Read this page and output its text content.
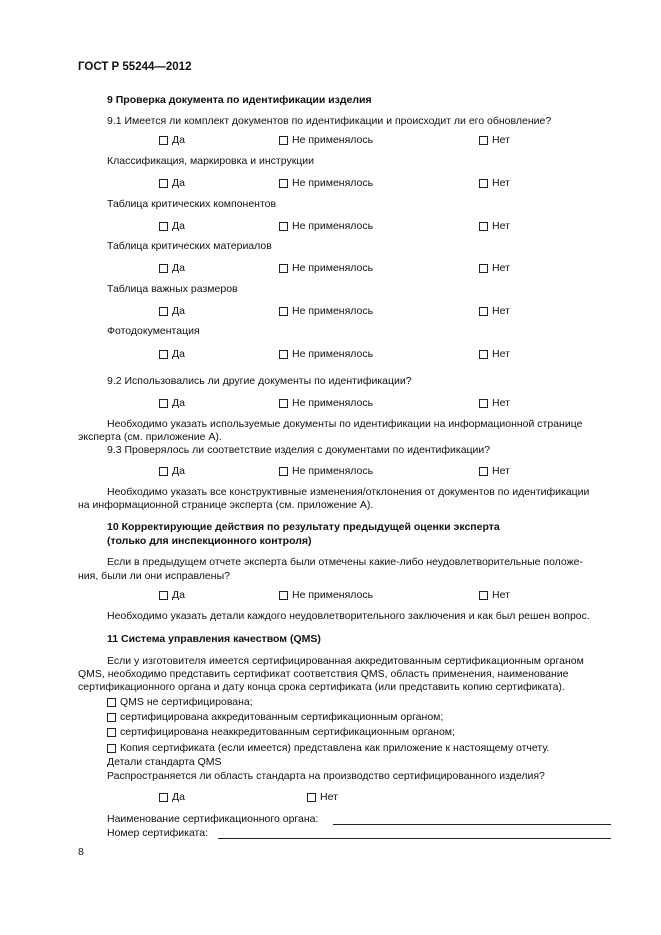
ГОСТ Р 55244—2012
9 Проверка документа по идентификации изделия
9.1 Имеется ли комплект документов по идентификации и происходит ли его обновление?
Да	Не применялось	Нет
Классификация, маркировка и инструкции
Да	Не применялось	Нет
Таблица критических компонентов
Да	Не применялось	Нет
Таблица критических материалов
Да	Не применялось	Нет
Таблица важных размеров
Да	Не применялось	Нет
Фотодокументация
Да	Не применялось	Нет
9.2 Использовались ли другие документы по идентификации?
Да	Не применялось	Нет
Необходимо указать используемые документы по идентификации на информационной странице
эксперта (см. приложение А).
9.3 Проверялось ли соответствие изделия с документами по идентификации?
Да	Не применялось	Нет
Необходимо указать все конструктивные изменения/отклонения от документов по идентификации
на информационной странице эксперта (см. приложение А).
10 Корректирующие действия по результату предыдущей оценки эксперта
(только для инспекционного контроля)
Если в предыдущем отчете эксперта были отмечены какие-либо неудовлетворительные положе-
ния, были ли они исправлены?
Да	Не применялось	Нет
Необходимо указать детали каждого неудовлетворительного заключения и как был решен вопрос.
11 Система управления качеством (QMS)
Если у изготовителя имеется сертифицированная аккредитованным сертификационным органом
QMS, необходимо представить сертификат соответствия QMS, область применения, наименование
сертификационного органа и дату конца срока сертификата (или представить копию сертификата).
QMS не сертифицирована;
сертифицирована аккредитованным сертификационным органом;
сертифицирована неаккредитованным сертификационным органом;
Копия сертификата (если имеется) представлена как приложение к настоящему отчету.
Детали стандарта QMS
Распространяется ли область стандарта на производство сертифицированного изделия?
Да	Нет
Наименование сертификационного органа:
Номер сертификата:
8
